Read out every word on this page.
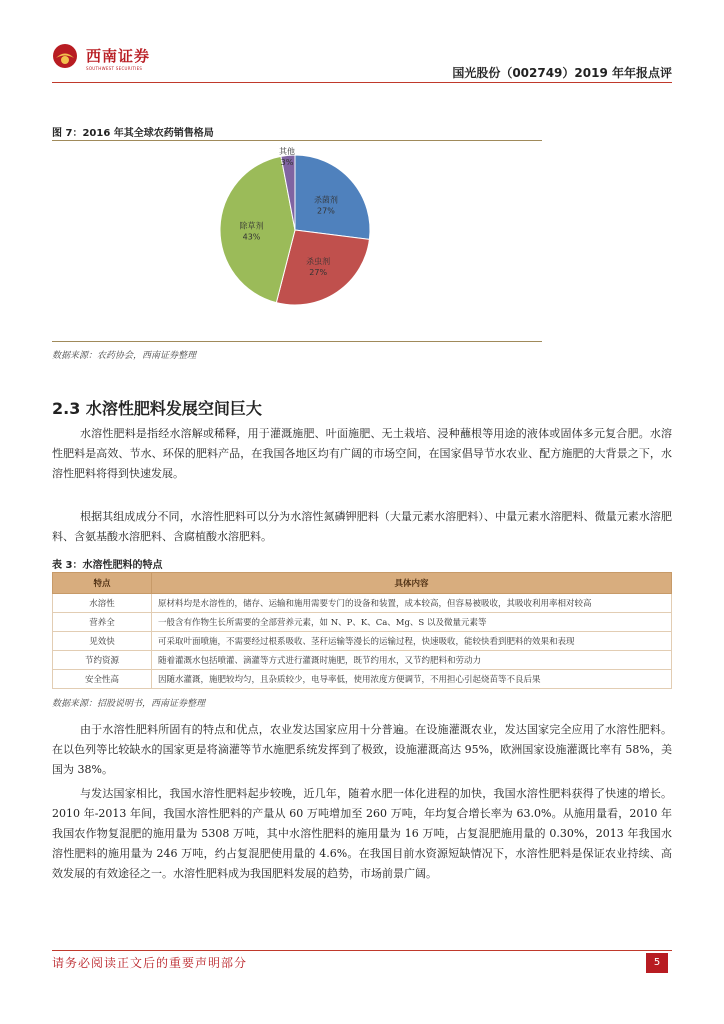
西南证券
SOUTHWEST SECURITIES	国光股份（002749）2019 年年报点评
图 7：2016 年其全球农药销售格局
杀菌剂
27%
杀虫剂
27%
除草剂
43%
其他
3%
数据来源：农药协会，西南证券整理
2.3 水溶性肥料发展空间巨大

水溶性肥料是指经水溶解或稀释，用于灌溉施肥、叶面施肥、无土栽培、浸种蘸根等用途的液体或固体多元复合肥。水溶性肥料是高效、节水、环保的肥料产品，在我国各地区均有广阔的市场空间，在国家倡导节水农业、配方施肥的大背景之下，水溶性肥料将得到快速发展。

根据其组成成分不同，水溶性肥料可以分为水溶性氮磷钾肥料（大量元素水溶肥料）、中量元素水溶肥料、微量元素水溶肥料、含氨基酸水溶肥料、含腐植酸水溶肥料。

表 3：水溶性肥料的特点
特点	具体内容
水溶性	原材料均是水溶性的，储存、运输和施用需要专门的设备和装置，成本较高，但容易被吸收，其吸收利用率相对较高
营养全	一般含有作物生长所需要的全部营养元素，如 N、P、K、Ca、Mg、S 以及微量元素等
见效快	可采取叶面喷施，不需要经过根系吸收、茎秆运输等漫长的运输过程，快速吸收，能较快看到肥料的效果和表现
节约资源	随着灌溉水包括喷灌、滴灌等方式进行灌溉时施肥，既节约用水，又节约肥料和劳动力
安全性高	因随水灌溉，施肥较均匀，且杂质较少，电导率低，使用浓度方便调节，不用担心引起烧苗等不良后果
数据来源：招股说明书，西南证券整理

由于水溶性肥料所固有的特点和优点，农业发达国家应用十分普遍。在设施灌溉农业，发达国家完全应用了水溶性肥料。在以色列等比较缺水的国家更是将滴灌等节水施肥系统发挥到了极致，设施灌溉高达 95%，欧洲国家设施灌溉比率有 58%，美国为 38%。

与发达国家相比，我国水溶性肥料起步较晚，近几年，随着水肥一体化进程的加快，我国水溶性肥料获得了快速的增长。2010 年-2013 年间，我国水溶性肥料的产量从 60 万吨增加至 260 万吨，年均复合增长率为 63.0%。从施用量看，2010 年我国农作物复混肥的施用量为 5308 万吨，其中水溶性肥料的施用量为 16 万吨，占复混肥施用量的 0.30%，2013 年我国水溶性肥料的施用量为 246 万吨，约占复混肥使用量的 4.6%。在我国目前水资源短缺情况下，水溶性肥料是保证农业持续、高效发展的有效途径之一。水溶性肥料成为我国肥料发展的趋势，市场前景广阔。

请务必阅读正文后的重要声明部分	5
